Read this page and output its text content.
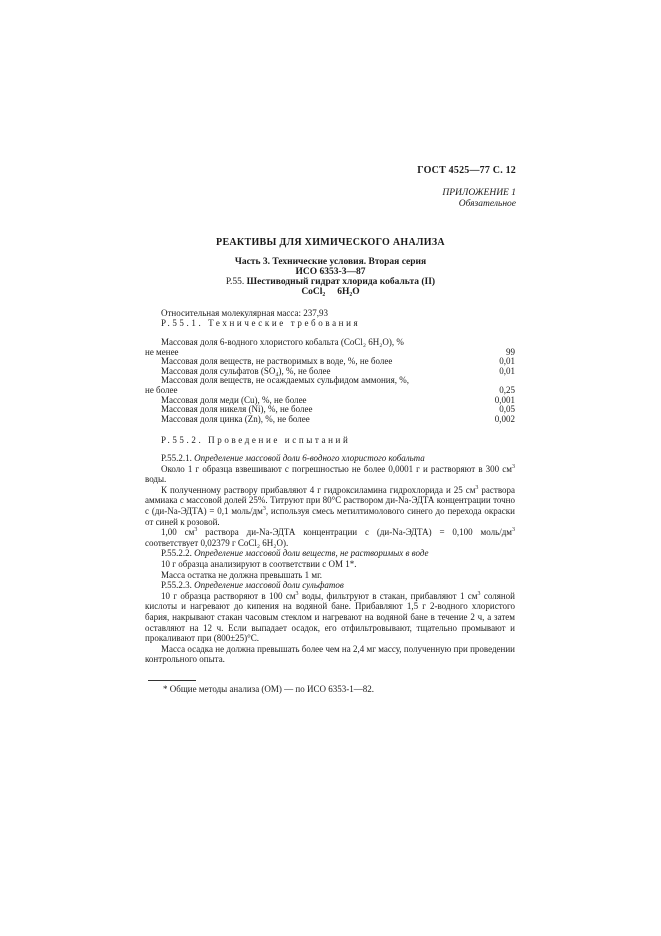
ГОСТ 4525—77 С. 12
ПРИЛОЖЕНИЕ 1
Обязательное
РЕАКТИВЫ ДЛЯ ХИМИЧЕСКОГО АНАЛИЗА
Часть 3. Технические условия. Вторая серия
ИСО 6353-3—87
Р.55. Шестиводный гидрат хлорида кобальта (II)
CoCl₂ 6H₂O
Относительная молекулярная масса: 237,93
Р.55.1. Технические требования
Массовая доля 6-водного хлористого кобальта (CoCl₂ 6H₂O), %
не менее	99
Массовая доля веществ, не растворимых в воде, %, не более	0,01
Массовая доля сульфатов (SO₄), %, не более	0,01
Массовая доля веществ, не осаждаемых сульфидом аммония, %,
не более	0,25
Массовая доля меди (Cu), %, не более	0,001
Массовая доля никеля (Ni), %, не более	0,05
Массовая доля цинка (Zn), %, не более	0,002
Р.55.2. Проведение испытаний

Р.55.2.1. Определение массовой доли 6-водного хлористого кобальта

Около 1 г образца взвешивают с погрешностью не более 0,0001 г и растворяют в 300 $см^3$ воды.

К полученному раствору прибавляют 4 г гидроксиламина гидрохлорида и 25 $см^3$ раствора аммиака с массовой долей 25%. Титруют при 80°С раствором ди-Na-ЭДТА концентрации точно с (ди-Na-ЭДТА) = 0,1 моль/$дм^3$, используя смесь метилтимолового синего до перехода окраски от синей к розовой.

1,00 $см^3$ раствора ди-Na-ЭДТА концентрации с (ди-Na-ЭДТА) = 0,100 моль/$дм^3$ соответствует 0,02379 г CoCl₂ 6H₂O).

Р.55.2.2. Определение массовой доли веществ, не растворимых в воде

10 г образца анализируют в соответствии с ОМ 1*.

Масса остатка не должна превышать 1 мг.

Р.55.2.3. Определение массовой доли сульфатов

10 г образца растворяют в 100 $см^3$ воды, фильтруют в стакан, прибавляют 1 $см^3$ соляной кислоты и нагревают до кипения на водяной бане. Прибавляют 1,5 г 2-водного хлористого бария, накрывают стакан часовым стеклом и нагревают на водяной бане в течение 2 ч, а затем оставляют на 12 ч. Если выпадает осадок, его отфильтровывают, тщательно промывают и прокаливают при (800±25)°С.

Масса осадка не должна превышать более чем на 2,4 мг массу, полученную при проведении контрольного опыта.

* Общие методы анализа (ОМ) — по ИСО 6353-1—82.
